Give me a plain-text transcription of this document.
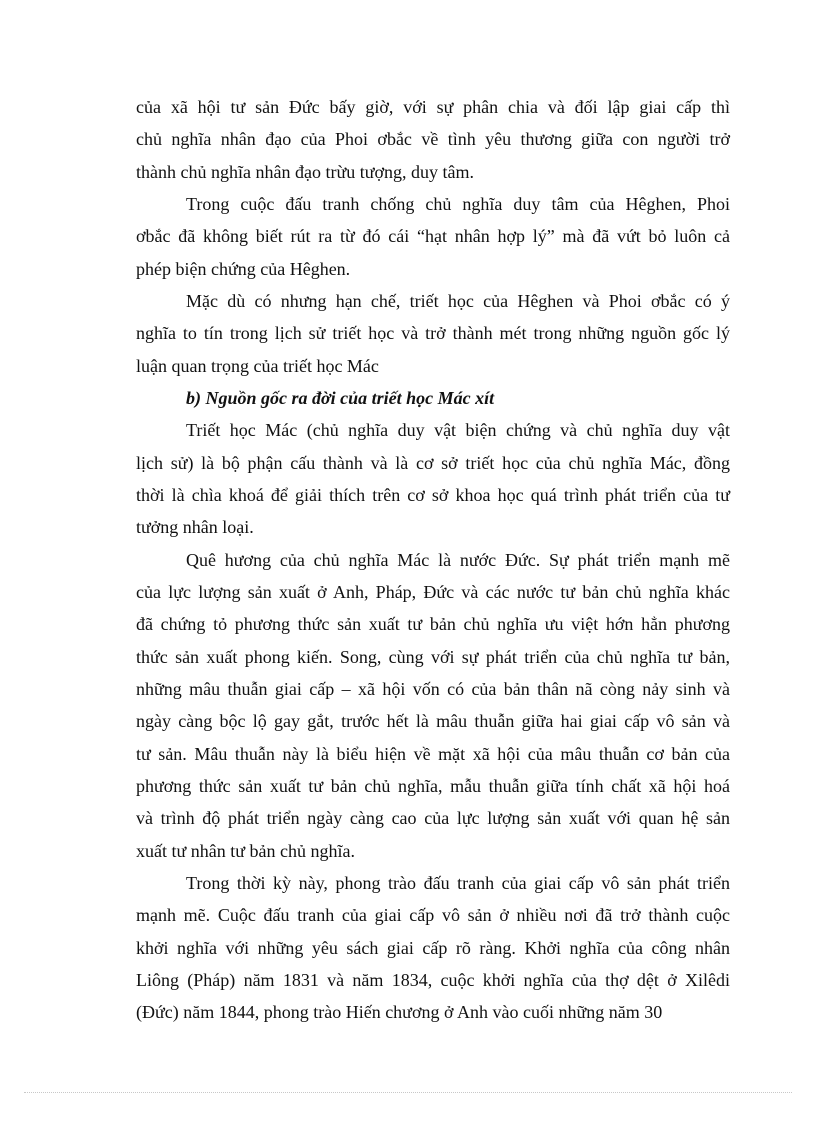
của xã hội tư sản Đức bấy giờ, với sự phân chia và đối lập giai cấp thì
chủ nghĩa nhân đạo của Phoi ơbắc về tình yêu thương giữa con người trở
thành chủ nghĩa nhân đạo trừu tượng, duy tâm.
Trong cuộc đấu tranh chống chủ nghĩa duy tâm của Hêghen, Phoi
ơbắc đã không biết rút ra từ đó cái “hạt nhân hợp lý” mà đã vứt bỏ luôn cả
phép biện chứng của Hêghen.
Mặc dù có nhưng hạn chế, triết học của Hêghen và Phoi ơbắc có ý
nghĩa to tín trong lịch sử triết học và trở thành mét trong những nguồn gốc lý
luận quan trọng của triết học Mác
b) Nguồn gốc ra đời của triết học Mác xít
Triết học Mác (chủ nghĩa duy vật biện chứng và chủ nghĩa duy vật
lịch sử) là bộ phận cấu thành và là cơ sở triết học của chủ nghĩa Mác, đồng
thời là chìa khoá để giải thích trên cơ sở khoa học quá trình phát triển của tư
tưởng nhân loại.
Quê hương của chủ nghĩa Mác là nước Đức. Sự phát triển mạnh mẽ
của lực lượng sản xuất ở Anh, Pháp, Đức và các nước tư bản chủ nghĩa khác
đã chứng tỏ phương thức sản xuất tư bản chủ nghĩa ưu việt hớn hẳn phương
thức sản xuất phong kiến. Song, cùng với sự phát triển của chủ nghĩa tư bản,
những mâu thuẫn giai cấp – xã hội vốn có của bản thân nã còng nảy sinh và
ngày càng bộc lộ gay gắt, trước hết là mâu thuẫn giữa hai giai cấp vô sản và
tư sản. Mâu thuẫn này là biểu hiện về mặt xã hội của mâu thuẫn cơ bản của
phương thức sản xuất tư bản chủ nghĩa, mẫu thuẫn giữa tính chất xã hội hoá
và trình độ phát triển ngày càng cao của lực lượng sản xuất với quan hệ sản
xuất tư nhân tư bản chủ nghĩa.
Trong thời kỳ này, phong trào đấu tranh của giai cấp vô sản phát triển
mạnh mẽ. Cuộc đấu tranh của giai cấp vô sản ở nhiều nơi đã trở thành cuộc
khởi nghĩa với những yêu sách giai cấp rõ ràng. Khởi nghĩa của công nhân
Liông (Pháp) năm 1831 và năm 1834, cuộc khởi nghĩa của thợ dệt ở Xilêdi
(Đức) năm 1844, phong trào Hiến chương ở Anh vào cuối những năm 30
